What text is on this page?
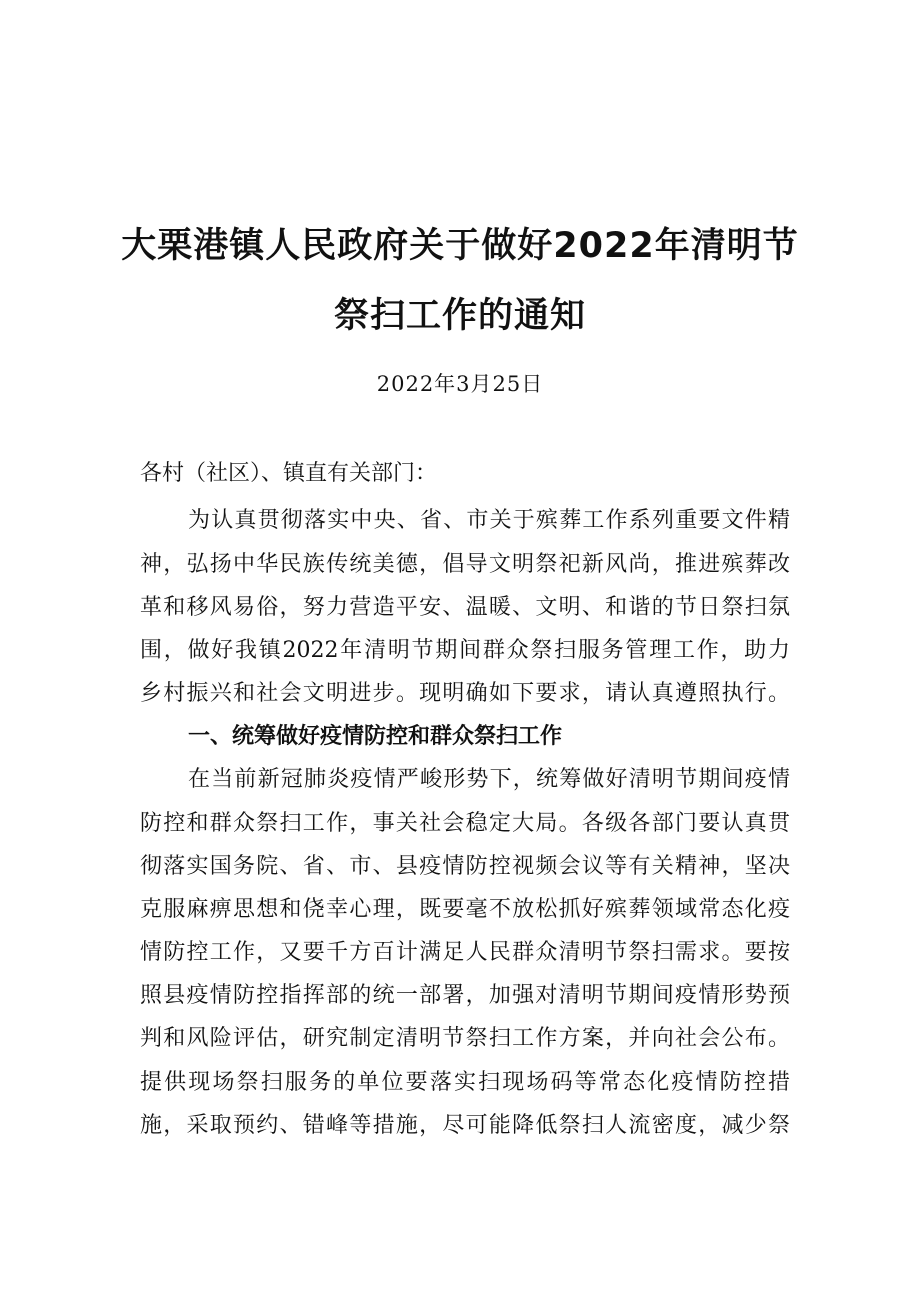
大栗港镇人民政府关于做好2022年清明节
祭扫工作的通知
2022年3月25日
各村（社区）、镇直有关部门：
为认真贯彻落实中央、省、市关于殡葬工作系列重要文件精
神，弘扬中华民族传统美德，倡导文明祭祀新风尚，推进殡葬改
革和移风易俗，努力营造平安、温暖、文明、和谐的节日祭扫氛
围，做好我镇2022年清明节期间群众祭扫服务管理工作，助力
乡村振兴和社会文明进步。现明确如下要求，请认真遵照执行。
一、统筹做好疫情防控和群众祭扫工作
在当前新冠肺炎疫情严峻形势下，统筹做好清明节期间疫情
防控和群众祭扫工作，事关社会稳定大局。各级各部门要认真贯
彻落实国务院、省、市、县疫情防控视频会议等有关精神，坚决
克服麻痹思想和侥幸心理，既要毫不放松抓好殡葬领域常态化疫
情防控工作，又要千方百计满足人民群众清明节祭扫需求。要按
照县疫情防控指挥部的统一部署，加强对清明节期间疫情形势预
判和风险评估，研究制定清明节祭扫工作方案，并向社会公布。
提供现场祭扫服务的单位要落实扫现场码等常态化疫情防控措
施，采取预约、错峰等措施，尽可能降低祭扫人流密度，减少祭
